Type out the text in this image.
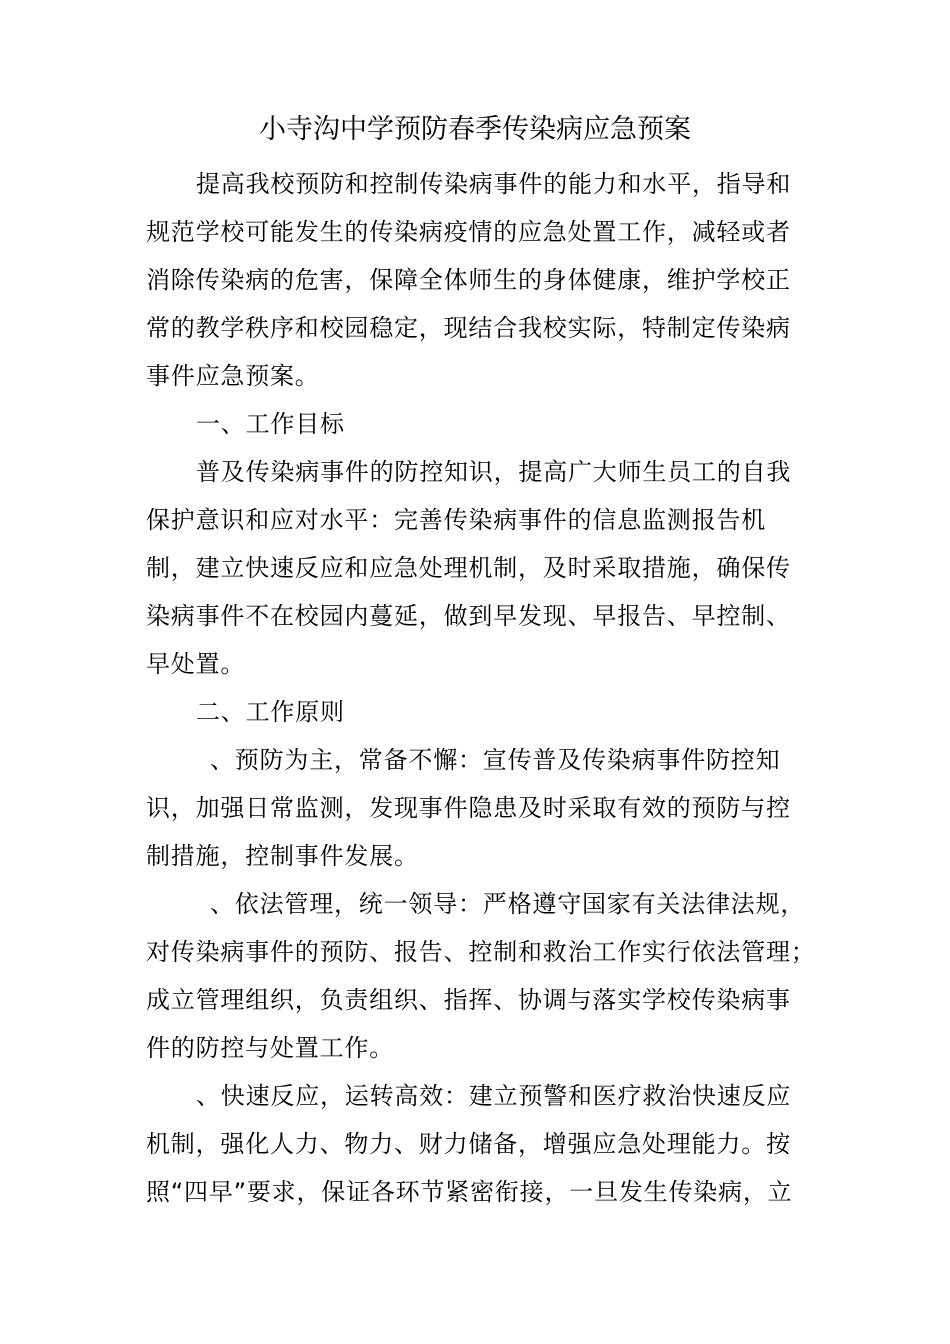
小寺沟中学预防春季传染病应急预案
提高我校预防和控制传染病事件的能力和水平，指导和
规范学校可能发生的传染病疫情的应急处置工作，减轻或者
消除传染病的危害，保障全体师生的身体健康，维护学校正
常的教学秩序和校园稳定，现结合我校实际，特制定传染病
事件应急预案。
一、工作目标
普及传染病事件的防控知识，提高广大师生员工的自我
保护意识和应对水平：完善传染病事件的信息监测报告机
制，建立快速反应和应急处理机制，及时采取措施，确保传
染病事件不在校园内蔓延，做到早发现、早报告、早控制、
早处置。
二、工作原则
、预防为主，常备不懈：宣传普及传染病事件防控知
识，加强日常监测，发现事件隐患及时采取有效的预防与控
制措施，控制事件发展。
、依法管理，统一领导：严格遵守国家有关法律法规，
对传染病事件的预防、报告、控制和救治工作实行依法管理；
成立管理组织，负责组织、指挥、协调与落实学校传染病事
件的防控与处置工作。
、快速反应，运转高效：建立预警和医疗救治快速反应
机制，强化人力、物力、财力储备，增强应急处理能力。按
照“四早”要求，保证各环节紧密衔接，一旦发生传染病，立
